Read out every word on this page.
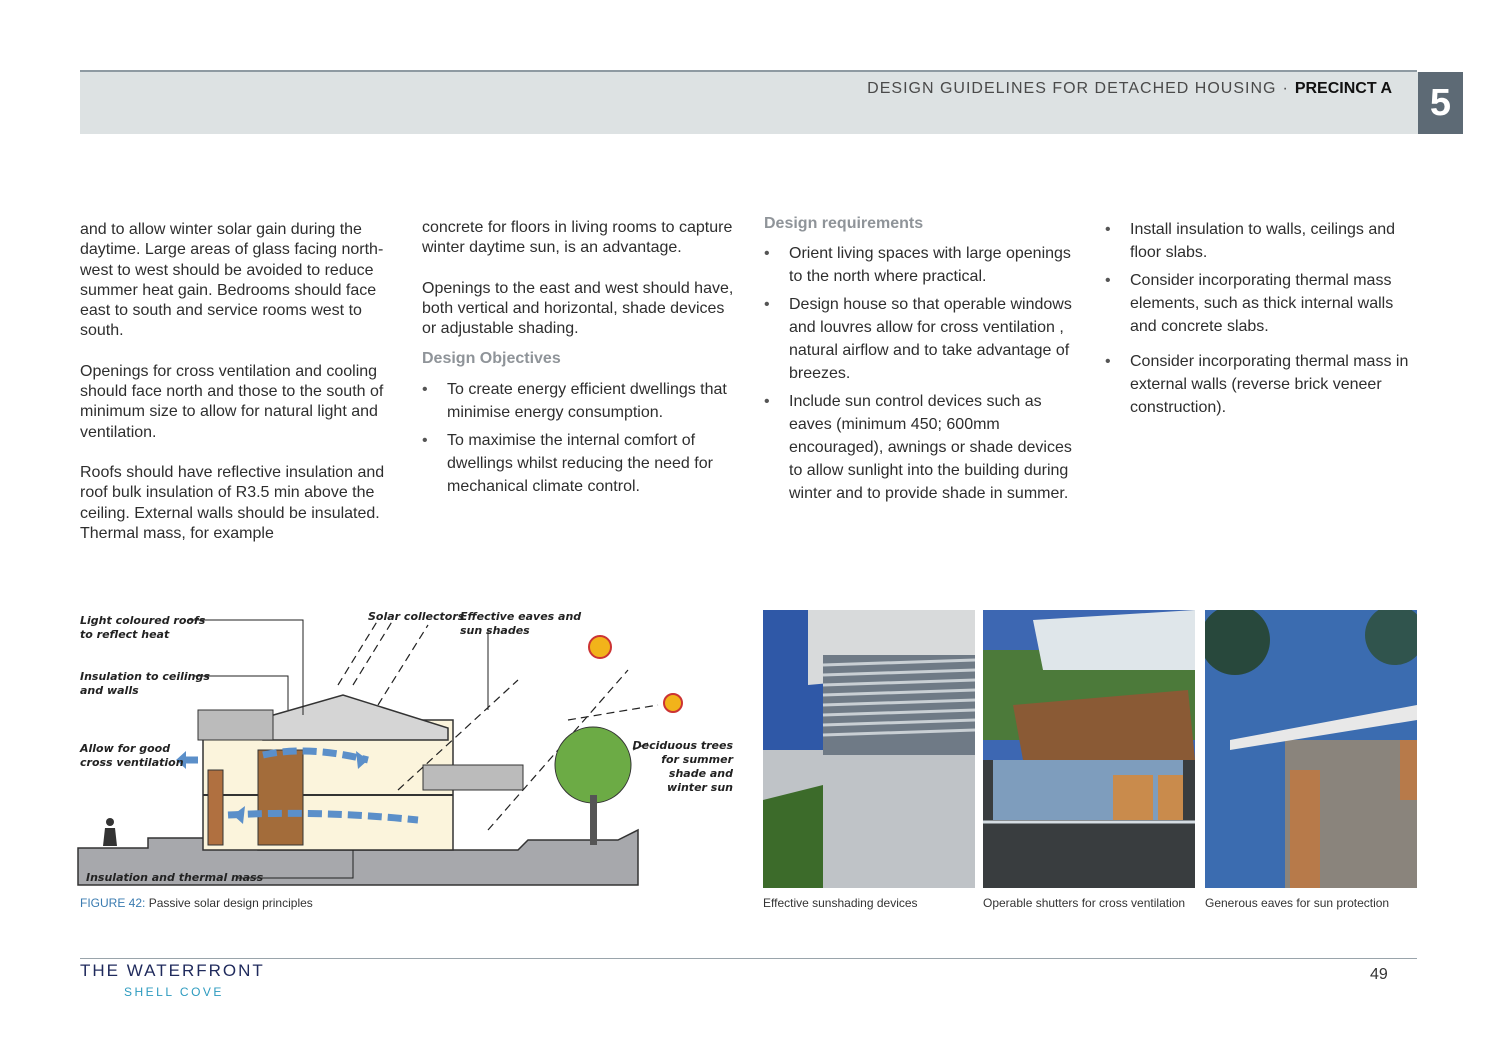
DESIGN GUIDELINES FOR DETACHED HOUSING · PRECINCT A 5

and to allow winter solar gain during the daytime. Large areas of glass facing north-west to west should be avoided to reduce summer heat gain. Bedrooms should face east to south and service rooms west to south.

Openings for cross ventilation and cooling should face north and those to the south of minimum size to allow for natural light and ventilation.

Roofs should have reflective insulation and roof bulk insulation of R3.5 min above the ceiling. External walls should be insulated. Thermal mass, for example

concrete for floors in living rooms to capture winter daytime sun, is an advantage.

Openings to the east and west should have, both vertical and horizontal, shade devices or adjustable shading.

Design Objectives
• To create energy efficient dwellings that minimise energy consumption.
• To maximise the internal comfort of dwellings whilst reducing the need for mechanical climate control.
Design requirements
• Orient living spaces with large openings to the north where practical.
• Design house so that operable windows and louvres allow for cross ventilation , natural airflow and to take advantage of breezes.
• Include sun control devices such as eaves (minimum 450; 600mm encouraged), awnings or shade devices to allow sunlight into the building during winter and to provide shade in summer.
• Install insulation to walls, ceilings and floor slabs.
• Consider incorporating thermal mass elements, such as thick internal walls and concrete slabs.
• Consider incorporating thermal mass in external walls (reverse brick veneer construction).
Light coloured roofs
to reflect heat
Insulation to ceilings
and walls
Allow for good
cross ventilation
Solar collectors
Effective eaves and
sun shades
Deciduous trees
for summer
shade and
winter sun
Insulation and thermal mass
FIGURE 42: Passive solar design principles	Effective sunshading devices	Operable shutters for cross ventilation Generous eaves for sun protection
THE WATERFRONT
SHELL COVE
49
